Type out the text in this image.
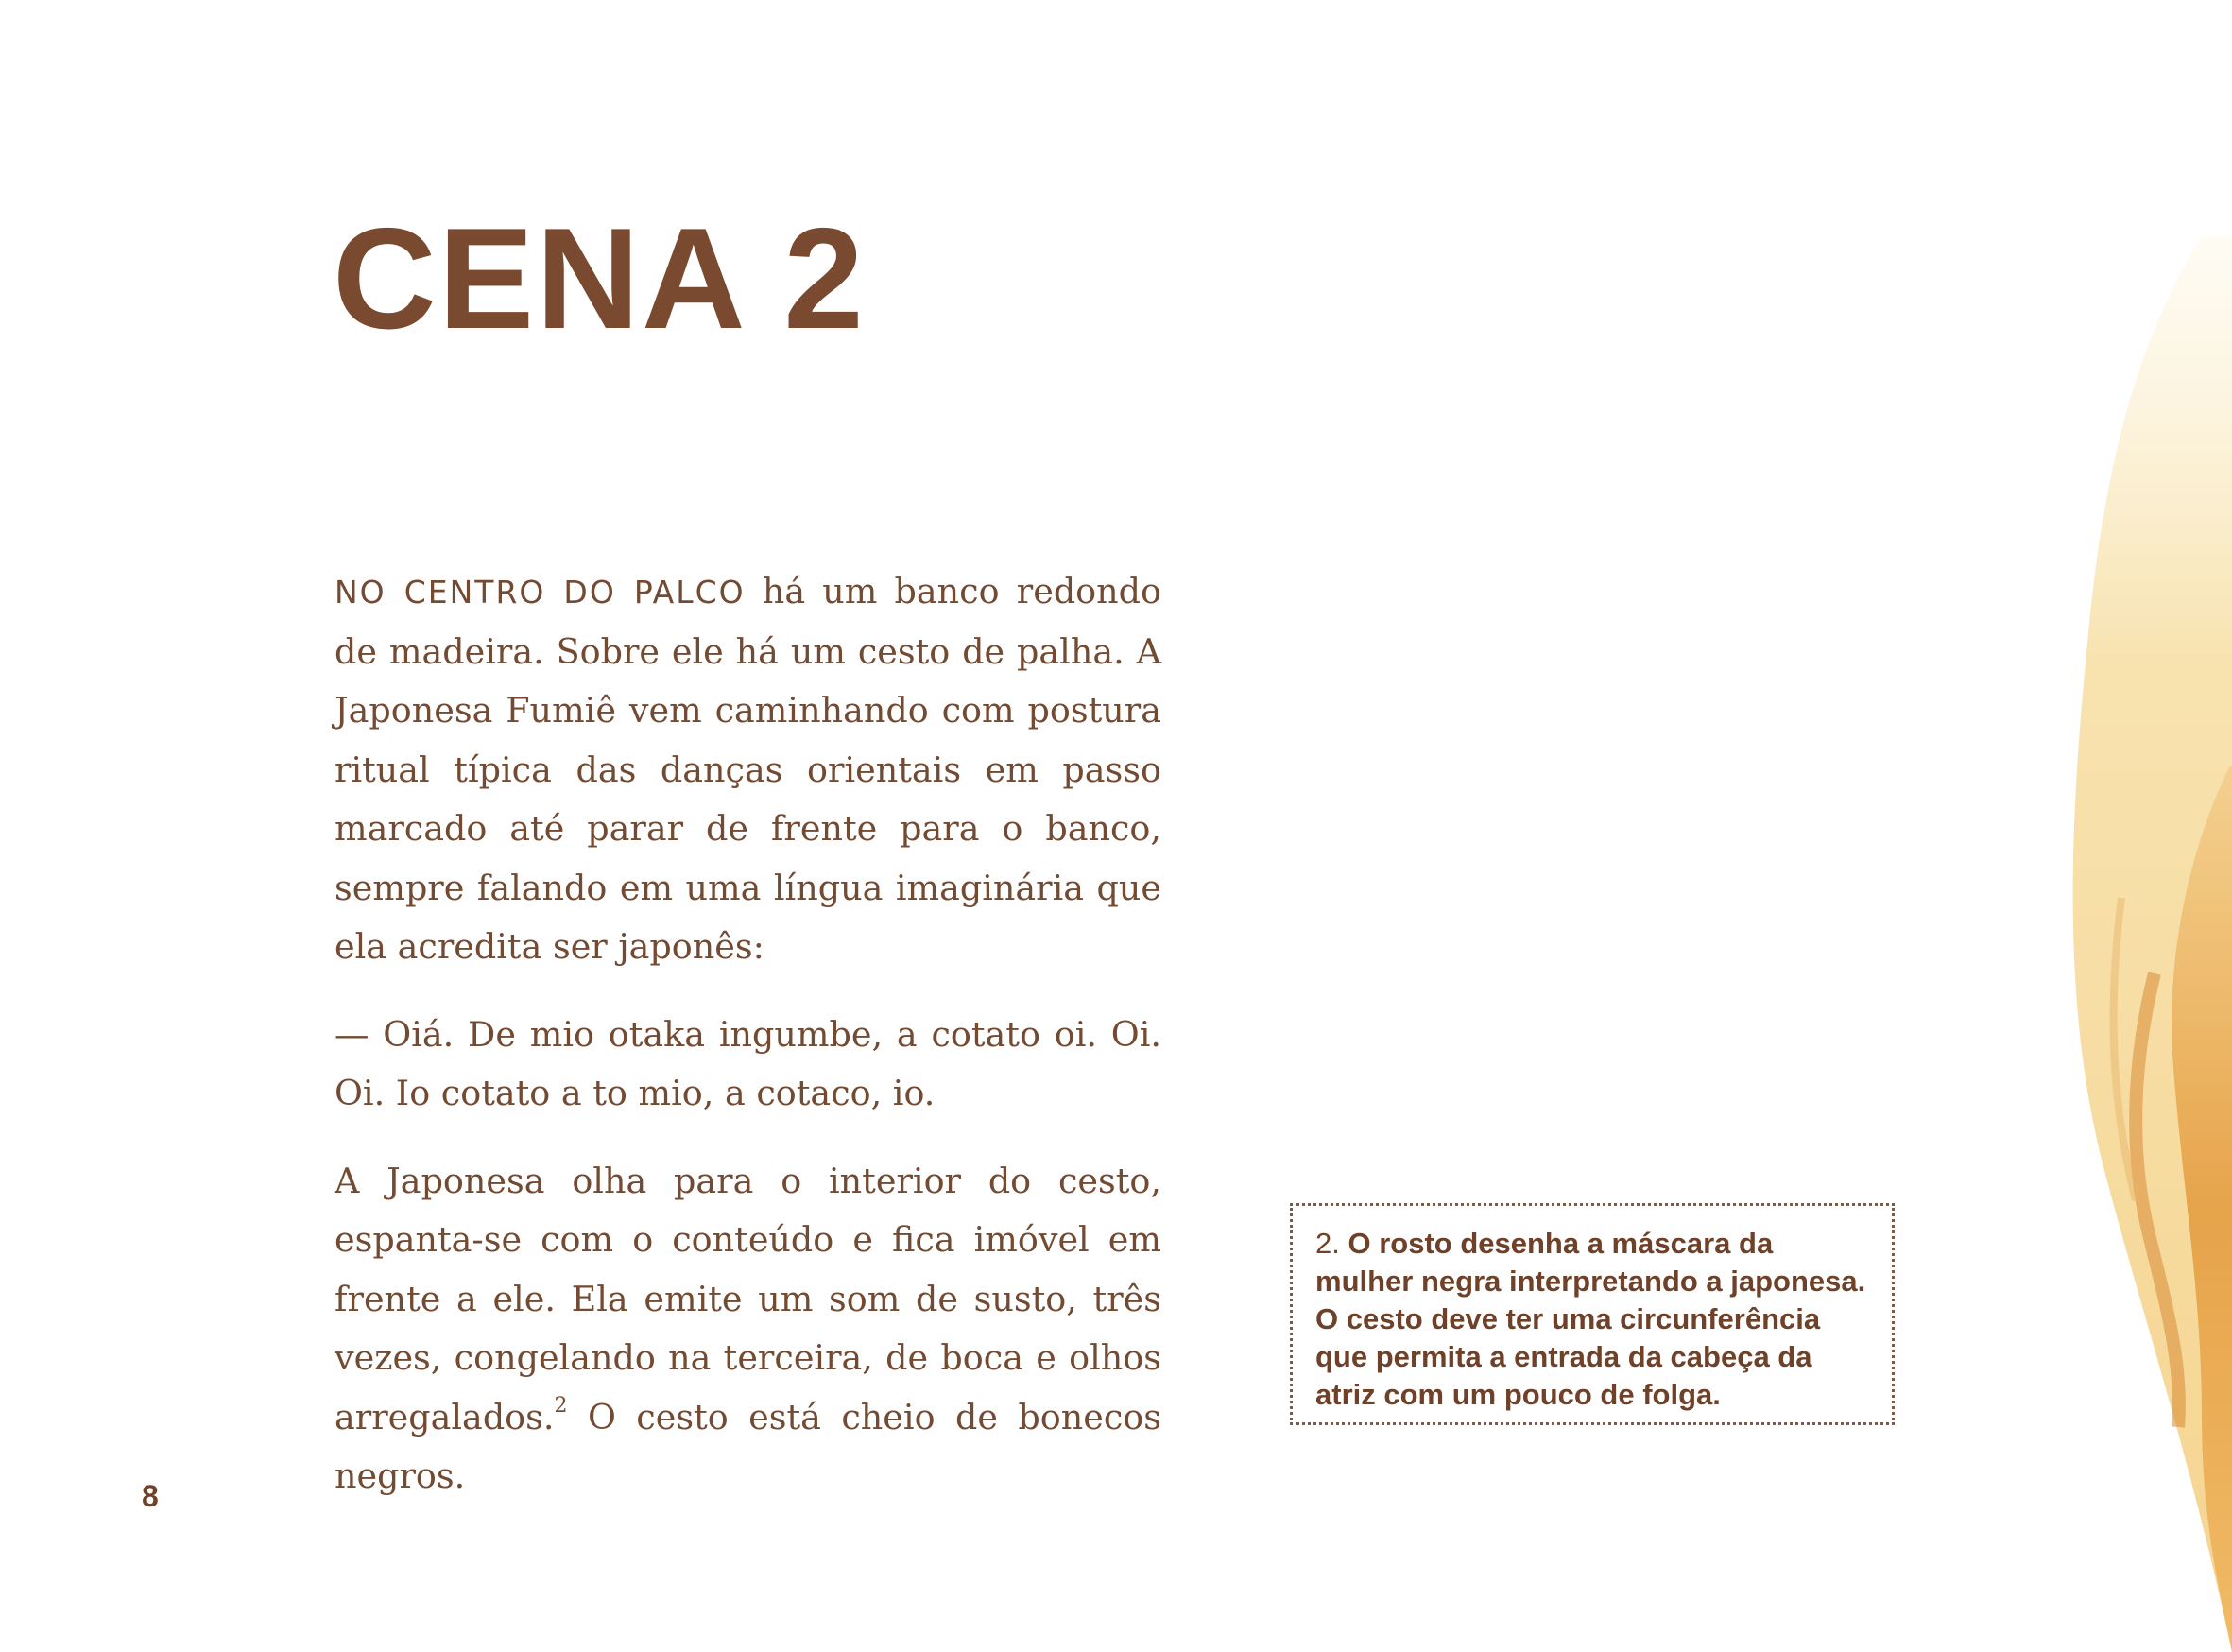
CENA 2

NO CENTRO DO PALCO há um banco redondo de madeira. Sobre ele há um cesto de palha. A Japonesa Fumiê vem caminhando com postura ritual típica das danças orientais em passo marcado até parar de frente para o banco, sempre falando em uma língua imaginária que ela acredita ser japonês:

— Oiá. De mio otaka ingumbe, a cotato oi. Oi. Oi. Io cotato a to mio, a cotaco, io.

A Japonesa olha para o interior do cesto, espanta-se com o conteúdo e fica imóvel em frente a ele. Ela emite um som de susto, três vezes, congelando na terceira, de boca e olhos arregalados.$^2$ O cesto está cheio de bonecos negros.

2. O rosto desenha a máscara da mulher negra interpretando a japonesa. O cesto deve ter uma circunferência que permita a entrada da cabeça da atriz com um pouco de folga.
8
